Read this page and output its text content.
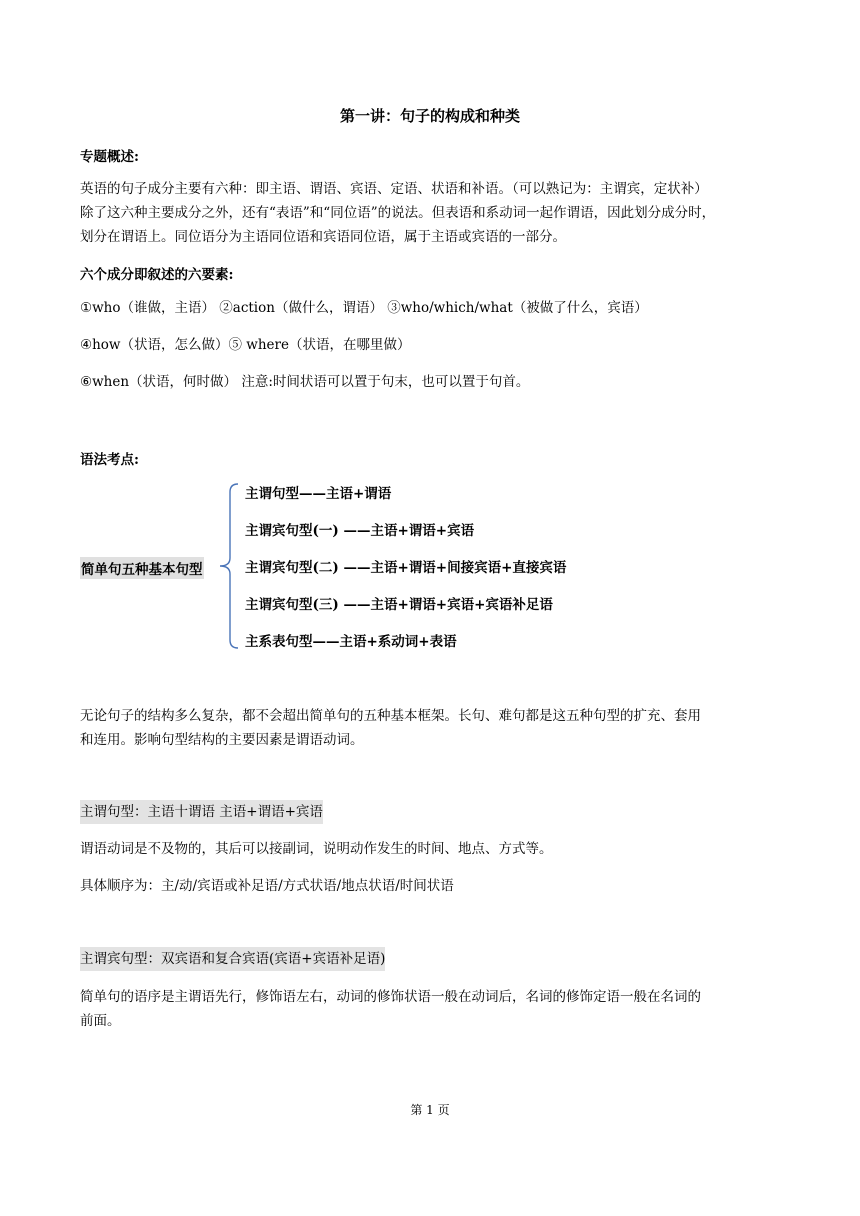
第一讲：句子的构成和种类
专题概述:
英语的句子成分主要有六种：即主语、谓语、宾语、定语、状语和补语。（可以熟记为：主谓宾，定状补）
除了这六种主要成分之外，还有“表语”和“同位语”的说法。但表语和系动词一起作谓语，因此划分成分时，
划分在谓语上。同位语分为主语同位语和宾语同位语，属于主语或宾语的一部分。
六个成分即叙述的六要素:
①who（谁做，主语） ②action（做什么，谓语） ③who/which/what（被做了什么，宾语）
④how（状语，怎么做）⑤ where（状语，在哪里做）
⑥when（状语，何时做） 注意:时间状语可以置于句末，也可以置于句首。
语法考点:
简单句五种基本句型
主谓句型——主语+谓语
主谓宾句型(一) ——主语+谓语+宾语
主谓宾句型(二) ——主语+谓语+间接宾语+直接宾语
主谓宾句型(三) ——主语+谓语+宾语+宾语补足语
主系表句型——主语+系动词+表语
无论句子的结构多么复杂，都不会超出简单句的五种基本框架。长句、难句都是这五种句型的扩充、套用
和连用。影响句型结构的主要因素是谓语动词。
主谓句型：主语十谓语 主语+谓语+宾语
谓语动词是不及物的，其后可以接副词，说明动作发生的时间、地点、方式等。
具体顺序为：主/动/宾语或补足语/方式状语/地点状语/时间状语
主谓宾句型：双宾语和复合宾语(宾语+宾语补足语)
简单句的语序是主谓语先行，修饰语左右，动词的修饰状语一般在动词后，名词的修饰定语一般在名词的
前面。
第 1 页
